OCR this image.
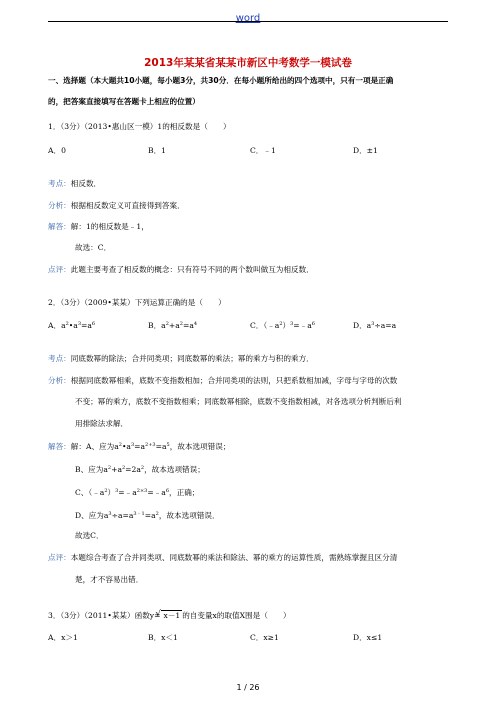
word
2013年某某省某某市新区中考数学一模试卷
一、选择题（本大题共10小题，每小题3分，共30分．在每小题所给出的四个选项中，只有一项是正确
的，把答案直接填写在答题卡上相应的位置）
1．（3分）（2013•惠山区一模）1的相反数是（　　）
A．0	B．1	C．﹣1	D．±1
考点：相反数．
分析：根据相反数定义可直接得到答案．
解答：解：1的相反数是﹣1，
故选：C．
点评：此题主要考查了相反数的概念：只有符号不同的两个数叫做互为相反数．
2．（3分）（2009•某某）下列运算正确的是（　　）
A．$a^2•a^3=a^6$	B．$a^2+a^2=a^4$	C．$(﹣a^2)^3=﹣a^6$	D．$a^3\div a=a$
考点：同底数幂的除法；合并同类项；同底数幂的乘法；幂的乘方与积的乘方．
分析：根据同底数幂相乘，底数不变指数相加；合并同类项的法则，只把系数相加减，字母与字母的次数
不变；幂的乘方，底数不变指数相乘；同底数幂相除，底数不变指数相减，对各选项分析判断后利
用排除法求解．
解答：解：A、应为$a^2•a^3=a^{2+3}=a^5$，故本选项错误；
B、应为$a^2+a^2=2a^2$，故本选项错误；
C、$(﹣a^2)^3=﹣a^{2\times 3}=﹣a^6$，正确；
D、应为$a^3\div a=a^{3﹣1}=a^2$，故本选项错误．
故选C．
点评：本题综合考查了合并同类项、同底数幂的乘法和除法、幂的乘方的运算性质，需熟练掌握且区分清
楚，才不容易出错．
3．（3分）（2011•某某）函数y=√ x－1 的自变量x的取值X围是（　　）
A．x＞1	B．x＜1	C．x≥1	D．x≤1
1 / 26
